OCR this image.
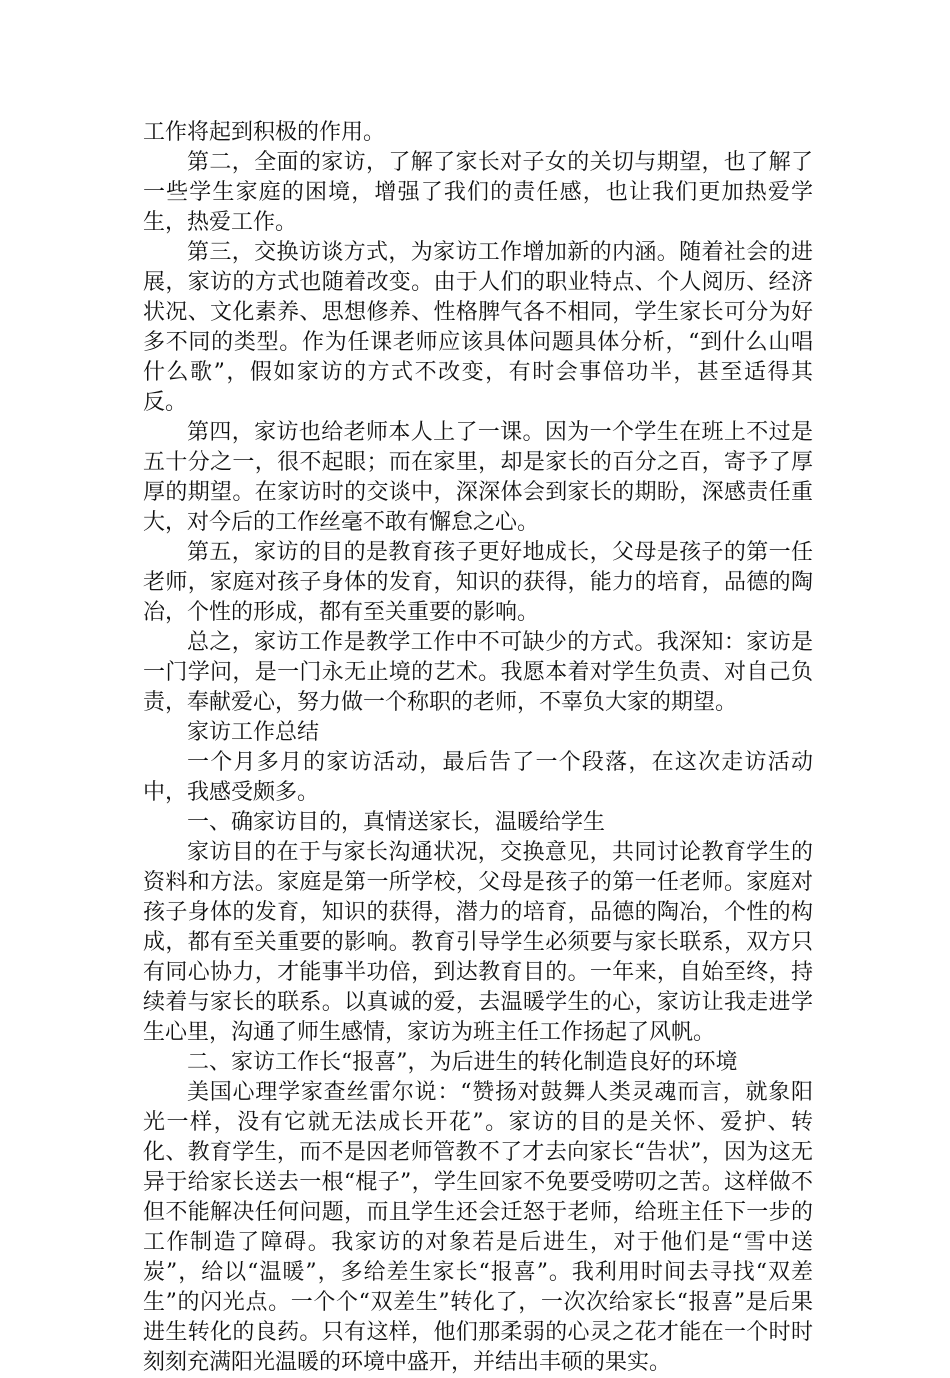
工作将起到积极的作用。

第二，全面的家访，了解了家长对子女的关切与期望，也了解了一些学生家庭的困境，增强了我们的责任感，也让我们更加热爱学生，热爱工作。

第三，交换访谈方式，为家访工作增加新的内涵。随着社会的进展，家访的方式也随着改变。由于人们的职业特点、个人阅历、经济状况、文化素养、思想修养、性格脾气各不相同，学生家长可分为好多不同的类型。作为任课老师应该具体问题具体分析，“到什么山唱什么歌”，假如家访的方式不改变，有时会事倍功半，甚至适得其反。

第四，家访也给老师本人上了一课。因为一个学生在班上不过是五十分之一，很不起眼；而在家里，却是家长的百分之百，寄予了厚厚的期望。在家访时的交谈中，深深体会到家长的期盼，深感责任重大，对今后的工作丝毫不敢有懈怠之心。

第五，家访的目的是教育孩子更好地成长，父母是孩子的第一任老师，家庭对孩子身体的发育，知识的获得，能力的培育，品德的陶冶，个性的形成，都有至关重要的影响。

总之，家访工作是教学工作中不可缺少的方式。我深知：家访是一门学问，是一门永无止境的艺术。我愿本着对学生负责、对自己负责，奉献爱心，努力做一个称职的老师，不辜负大家的期望。

家访工作总结

一个月多月的家访活动，最后告了一个段落，在这次走访活动中，我感受颇多。

一、确家访目的，真情送家长，温暖给学生

家访目的在于与家长沟通状况，交换意见，共同讨论教育学生的资料和方法。家庭是第一所学校，父母是孩子的第一任老师。家庭对孩子身体的发育，知识的获得，潜力的培育，品德的陶冶，个性的构成，都有至关重要的影响。教育引导学生必须要与家长联系，双方只有同心协力，才能事半功倍，到达教育目的。一年来，自始至终，持续着与家长的联系。以真诚的爱，去温暖学生的心，家访让我走进学生心里，沟通了师生感情，家访为班主任工作扬起了风帆。

二、家访工作长“报喜”，为后进生的转化制造良好的环境

美国心理学家查丝雷尔说：“赞扬对鼓舞人类灵魂而言，就象阳光一样，没有它就无法成长开花”。家访的目的是关怀、爱护、转化、教育学生，而不是因老师管教不了才去向家长“告状”，因为这无异于给家长送去一根“棍子”，学生回家不免要受唠叨之苦。这样做不但不能解决任何问题，而且学生还会迁怒于老师，给班主任下一步的工作制造了障碍。我家访的对象若是后进生，对于他们是“雪中送炭”，给以“温暖”，多给差生家长“报喜”。我利用时间去寻找“双差生”的闪光点。一个个“双差生”转化了，一次次给家长“报喜”是后果进生转化的良药。只有这样，他们那柔弱的心灵之花才能在一个时时刻刻充满阳光温暖的环境中盛开，并结出丰硕的果实。
